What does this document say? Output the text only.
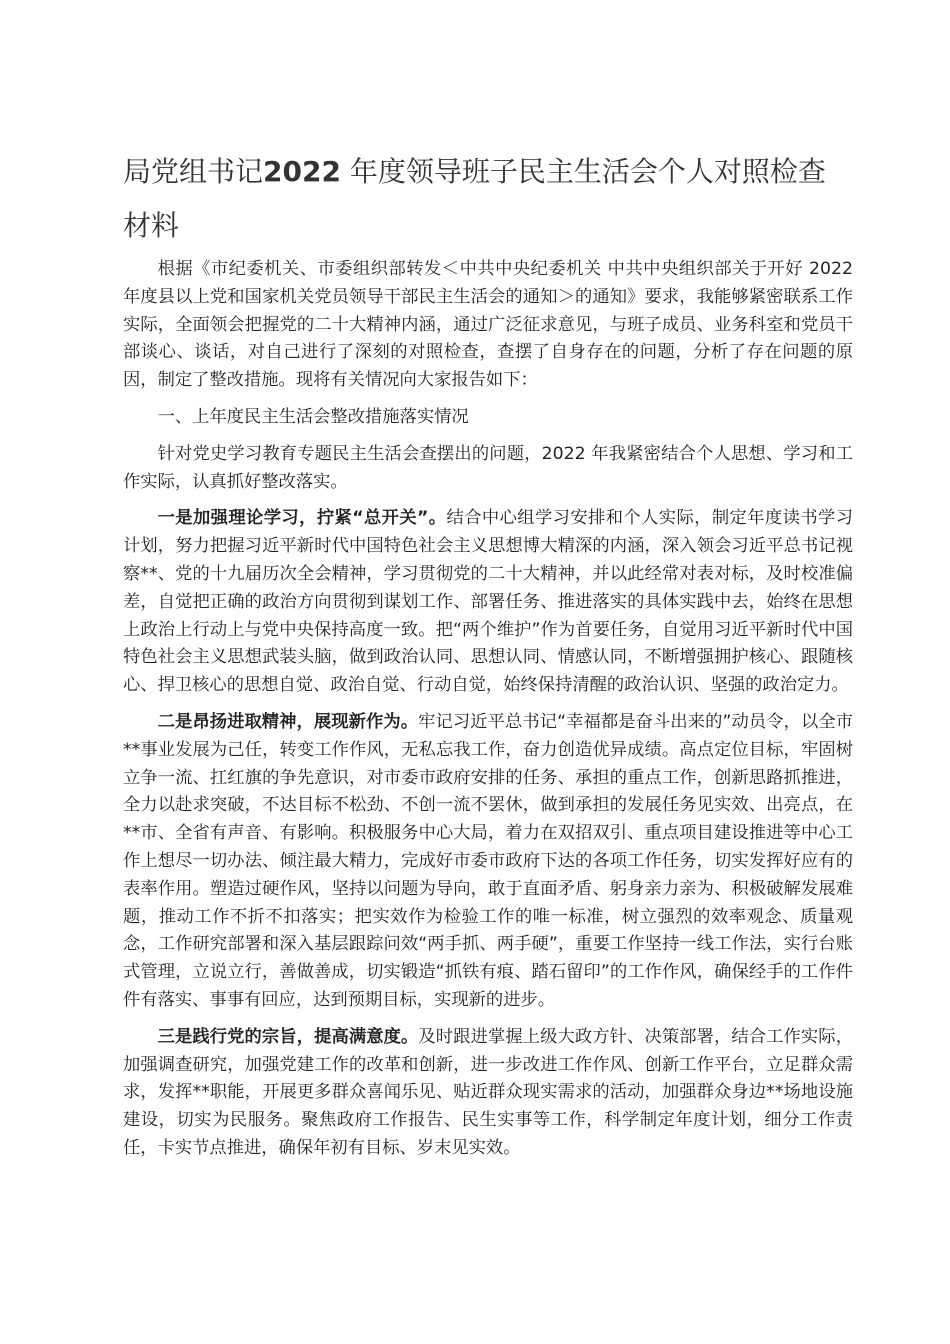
局党组书记2022 年度领导班子民主生活会个人对照检查材料

根据《市纪委机关、市委组织部转发＜中共中央纪委机关 中共中央组织部关于开好 2022 年度县以上党和国家机关党员领导干部民主生活会的通知＞的通知》要求，我能够紧密联系工作实际，全面领会把握党的二十大精神内涵，通过广泛征求意见，与班子成员、业务科室和党员干部谈心、谈话，对自己进行了深刻的对照检查，查摆了自身存在的问题，分析了存在问题的原因，制定了整改措施。现将有关情况向大家报告如下：

一、上年度民主生活会整改措施落实情况

针对党史学习教育专题民主生活会查摆出的问题，2022 年我紧密结合个人思想、学习和工作实际，认真抓好整改落实。

一是加强理论学习，拧紧“总开关”。结合中心组学习安排和个人实际，制定年度读书学习计划，努力把握习近平新时代中国特色社会主义思想博大精深的内涵，深入领会习近平总书记视察**、党的十九届历次全会精神，学习贯彻党的二十大精神，并以此经常对表对标，及时校准偏差，自觉把正确的政治方向贯彻到谋划工作、部署任务、推进落实的具体实践中去，始终在思想上政治上行动上与党中央保持高度一致。把“两个维护”作为首要任务，自觉用习近平新时代中国特色社会主义思想武装头脑，做到政治认同、思想认同、情感认同，不断增强拥护核心、跟随核心、捍卫核心的思想自觉、政治自觉、行动自觉，始终保持清醒的政治认识、坚强的政治定力。

二是昂扬进取精神，展现新作为。牢记习近平总书记“幸福都是奋斗出来的”动员令，以全市**事业发展为己任，转变工作作风，无私忘我工作，奋力创造优异成绩。高点定位目标，牢固树立争一流、扛红旗的争先意识，对市委市政府安排的任务、承担的重点工作，创新思路抓推进，全力以赴求突破，不达目标不松劲、不创一流不罢休，做到承担的发展任务见实效、出亮点，在**市、全省有声音、有影响。积极服务中心大局，着力在双招双引、重点项目建设推进等中心工作上想尽一切办法、倾注最大精力，完成好市委市政府下达的各项工作任务，切实发挥好应有的表率作用。塑造过硬作风，坚持以问题为导向，敢于直面矛盾、躬身亲力亲为、积极破解发展难题，推动工作不折不扣落实；把实效作为检验工作的唯一标准，树立强烈的效率观念、质量观念，工作研究部署和深入基层跟踪问效“两手抓、两手硬”，重要工作坚持一线工作法，实行台账式管理，立说立行，善做善成，切实锻造“抓铁有痕、踏石留印”的工作作风，确保经手的工作件件有落实、事事有回应，达到预期目标，实现新的进步。

三是践行党的宗旨，提高满意度。及时跟进掌握上级大政方针、决策部署，结合工作实际，加强调查研究，加强党建工作的改革和创新，进一步改进工作作风、创新工作平台，立足群众需求，发挥**职能，开展更多群众喜闻乐见、贴近群众现实需求的活动，加强群众身边**场地设施建设，切实为民服务。聚焦政府工作报告、民生实事等工作，科学制定年度计划，细分工作责任，卡实节点推进，确保年初有目标、岁末见实效。
